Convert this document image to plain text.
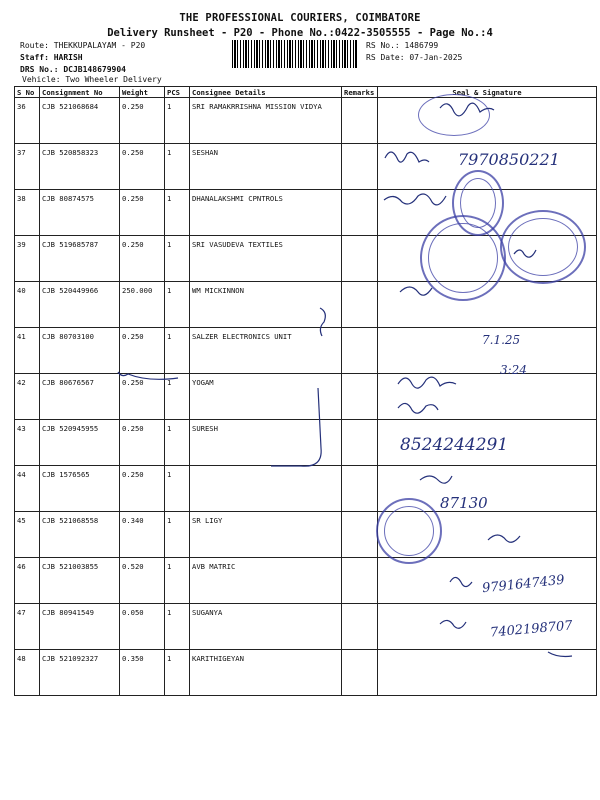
THE PROFESSIONAL COURIERS, COIMBATORE
Delivery Runsheet - P20 - Phone No.:0422-3505555 - Page No.:4
Route: THEKKUPALAYAM - P20
Staff: HARISH
DRS No.: DCJB148679904
Vehicle: Two Wheeler Delivery
RS No.: 1486799
RS Date: 07-Jan-2025
S No	Consignment No	Weight	PCS	Consignee Details	Remarks	Seal & Signature
36	CJB 521068684	0.250	1	SRI RAMAKRRISHNA MISSION VIDYA		
37	CJB 520858323	0.250	1	SESHAN		
38	CJB 80874575	0.250	1	DHANALAKSHMI CPNTROLS		
39	CJB 519685787	0.250	1	SRI VASUDEVA TEXTILES		
40	CJB 520449966	250.000	1	WM MICKINNON		
41	CJB 80703100	0.250	1	SALZER ELECTRONICS UNIT		
42	CJB 80676567	0.250	1	YOGAM		
43	CJB 520945955	0.250	1	SURESH		
44	CJB 1576565	0.250	1			
45	CJB 521068558	0.340	1	SR LIGY		
46	CJB 521003855	0.520	1	AVB MATRIC		
47	CJB 80941549	0.050	1	SUGANYA		
48	CJB 521092327	0.350	1	KARITHIGEYAN		
7970850221
7.1.25
3:24
8524244291
87130
9791647439
7402198707
